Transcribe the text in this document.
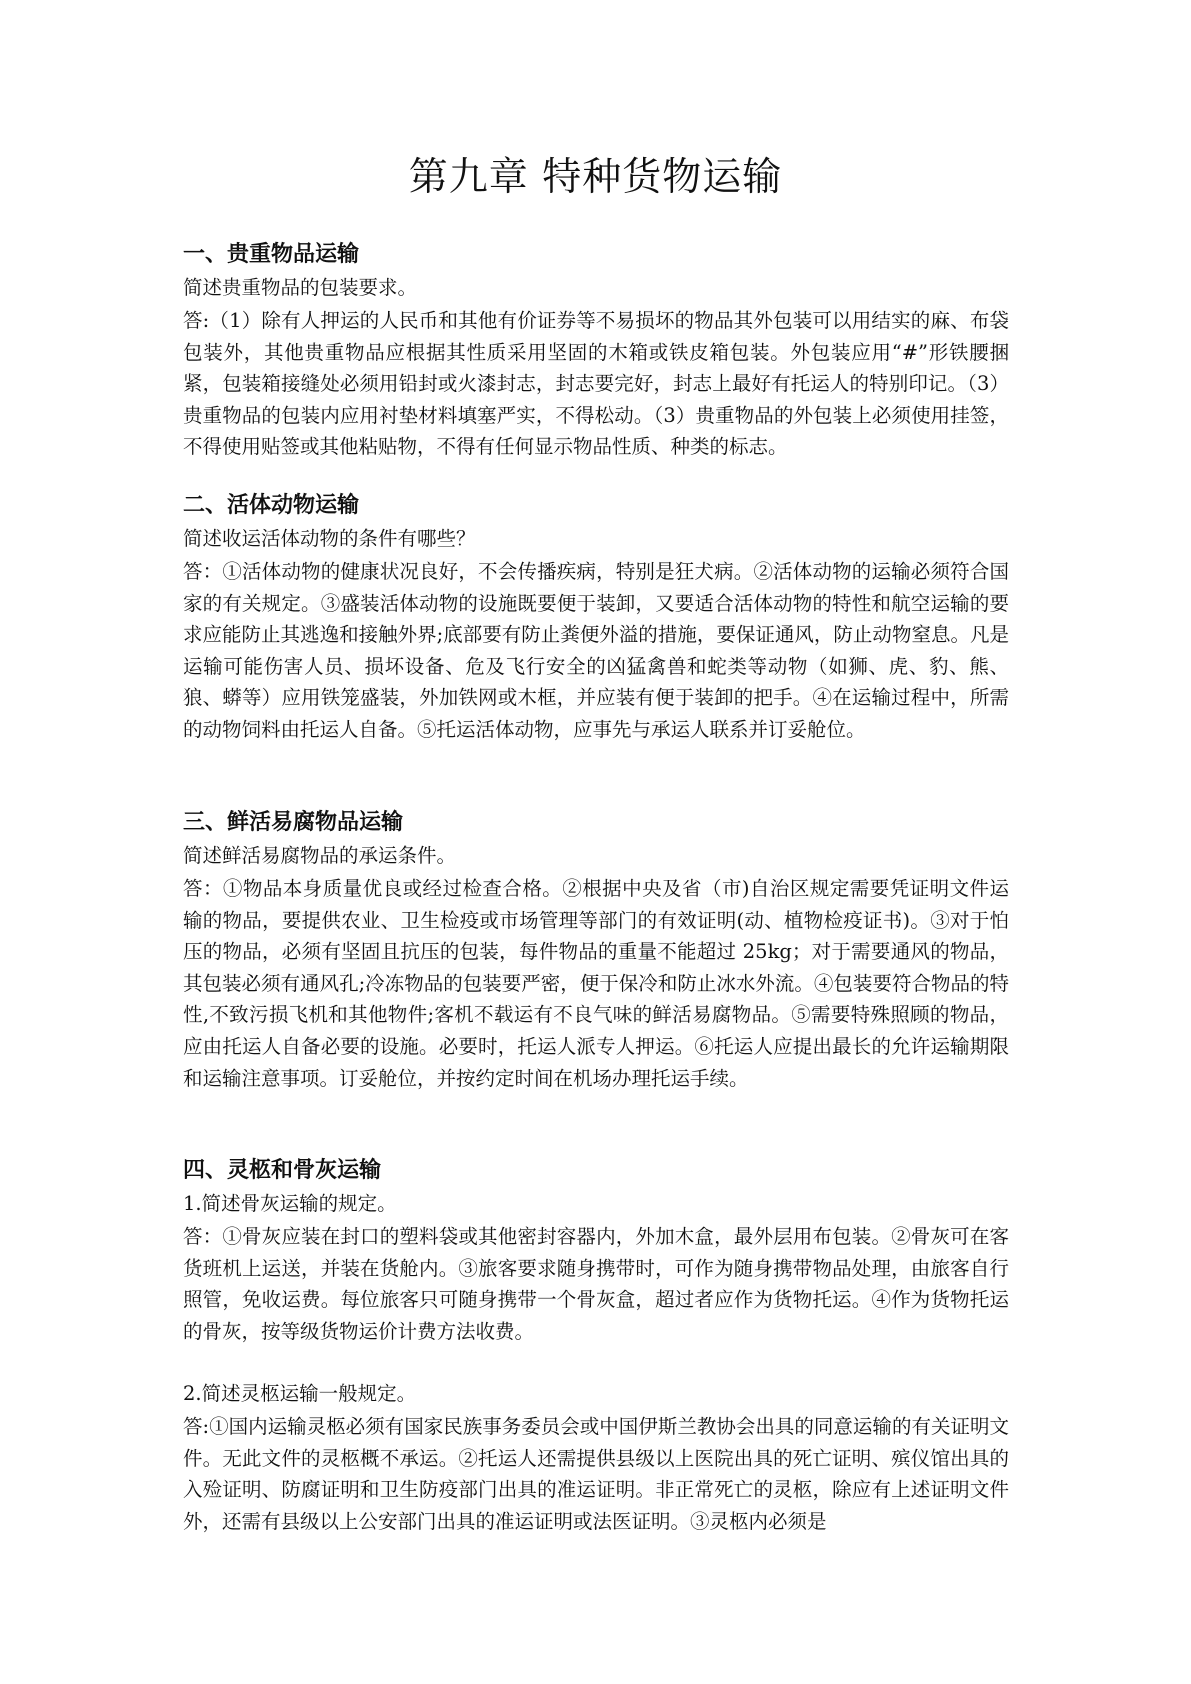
第九章 特种货物运输
一、贵重物品运输

简述贵重物品的包装要求。

答:（1）除有人押运的人民币和其他有价证券等不易损坏的物品其外包装可以用结实的麻、布袋包装外，其他贵重物品应根据其性质采用坚固的木箱或铁皮箱包装。外包装应用“#”形铁腰捆紧，包装箱接缝处必须用铅封或火漆封志，封志要完好，封志上最好有托运人的特别印记。（3）贵重物品的包装内应用衬垫材料填塞严实，不得松动。（3）贵重物品的外包装上必须使用挂签，不得使用贴签或其他粘贴物，不得有任何显示物品性质、种类的标志。

二、活体动物运输

简述收运活体动物的条件有哪些？

答：①活体动物的健康状况良好，不会传播疾病，特别是狂犬病。②活体动物的运输必须符合国家的有关规定。③盛装活体动物的设施既要便于装卸，又要适合活体动物的特性和航空运输的要求应能防止其逃逸和接触外界;底部要有防止粪便外溢的措施，要保证通风，防止动物窒息。凡是运输可能伤害人员、损坏设备、危及飞行安全的凶猛禽兽和蛇类等动物（如狮、虎、豹、熊、狼、蟒等）应用铁笼盛装，外加铁网或木框，并应装有便于装卸的把手。④在运输过程中，所需的动物饲料由托运人自备。⑤托运活体动物，应事先与承运人联系并订妥舱位。

三、鲜活易腐物品运输

简述鲜活易腐物品的承运条件。

答：①物品本身质量优良或经过检查合格。②根据中央及省（市)自治区规定需要凭证明文件运输的物品，要提供农业、卫生检疫或市场管理等部门的有效证明(动、植物检疫证书)。③对于怕压的物品，必须有坚固且抗压的包装，每件物品的重量不能超过 25kg；对于需要通风的物品，其包装必须有通风孔;冷冻物品的包装要严密，便于保冷和防止冰水外流。④包装要符合物品的特性,不致污损飞机和其他物件;客机不载运有不良气味的鲜活易腐物品。⑤需要特殊照顾的物品，应由托运人自备必要的设施。必要时，托运人派专人押运。⑥托运人应提出最长的允许运输期限和运输注意事项。订妥舱位，并按约定时间在机场办理托运手续。

四、灵柩和骨灰运输

1.简述骨灰运输的规定。

答：①骨灰应装在封口的塑料袋或其他密封容器内，外加木盒，最外层用布包装。②骨灰可在客货班机上运送，并装在货舱内。③旅客要求随身携带时，可作为随身携带物品处理，由旅客自行照管，免收运费。每位旅客只可随身携带一个骨灰盒，超过者应作为货物托运。④作为货物托运的骨灰，按等级货物运价计费方法收费。

2.简述灵柩运输一般规定。

答:①国内运输灵柩必须有国家民族事务委员会或中国伊斯兰教协会出具的同意运输的有关证明文件。无此文件的灵柩概不承运。②托运人还需提供县级以上医院出具的死亡证明、殡仪馆出具的入殓证明、防腐证明和卫生防疫部门出具的准运证明。非正常死亡的灵柩，除应有上述证明文件外，还需有县级以上公安部门出具的准运证明或法医证明。③灵柩内必须是
